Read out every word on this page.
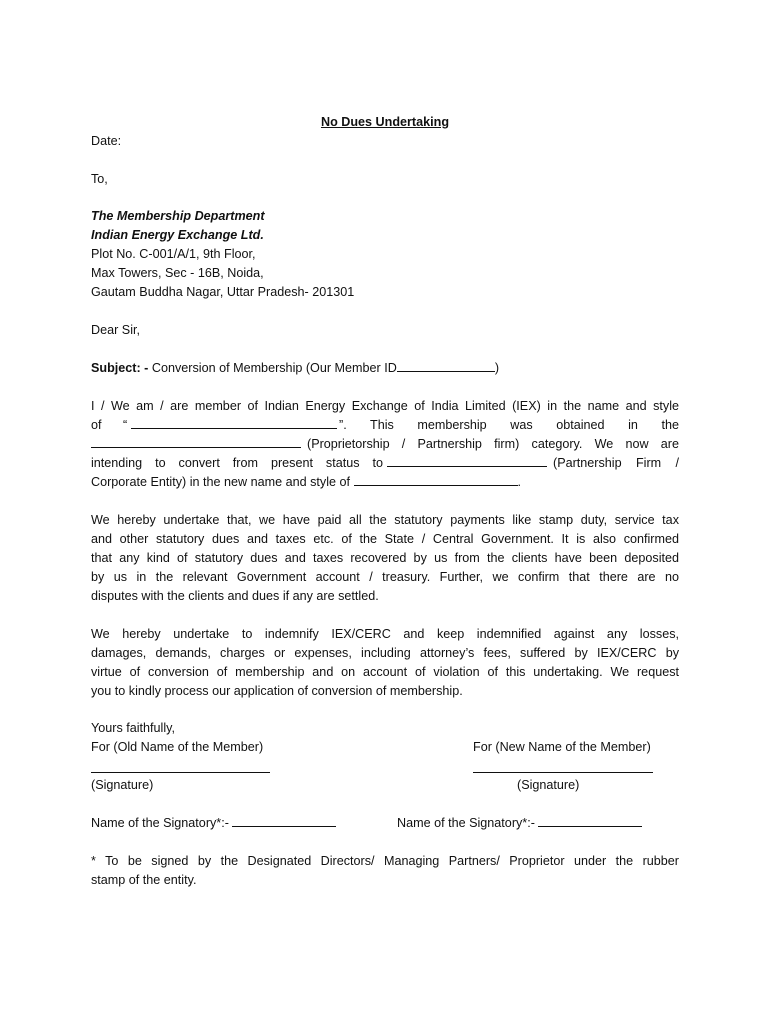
No Dues Undertaking
Date:
To,
The Membership Department
Indian Energy Exchange Ltd.
Plot No. C-001/A/1, 9th Floor,
Max Towers, Sec - 16B, Noida,
Gautam Buddha Nagar, Uttar Pradesh- 201301
Dear Sir,
Subject: - Conversion of Membership (Our Member ID	)
I / We am / are member of Indian Energy Exchange of India Limited (IEX) in the name and style
of “	”. This membership was obtained in the
(Proprietorship / Partnership firm) category. We now are
intending to convert from present status to	(Partnership Firm /
Corporate Entity) in the new name and style of	.
We hereby undertake that, we have paid all the statutory payments like stamp duty, service tax
and other statutory dues and taxes etc. of the State / Central Government. It is also confirmed
that any kind of statutory dues and taxes recovered by us from the clients have been deposited
by us in the relevant Government account / treasury. Further, we confirm that there are no
disputes with the clients and dues if any are settled.
We hereby undertake to indemnify IEX/CERC and keep indemnified against any losses,
damages, demands, charges or expenses, including attorney’s fees, suffered by IEX/CERC by
virtue of conversion of membership and on account of violation of this undertaking. We request
you to kindly process our application of conversion of membership.
Yours faithfully,
For (Old Name of the Member)	For (New Name of the Member)
(Signature)	(Signature)
Name of the Signatory*:-	Name of the Signatory*:-
* To be signed by the Designated Directors/ Managing Partners/ Proprietor under the rubber
stamp of the entity.
